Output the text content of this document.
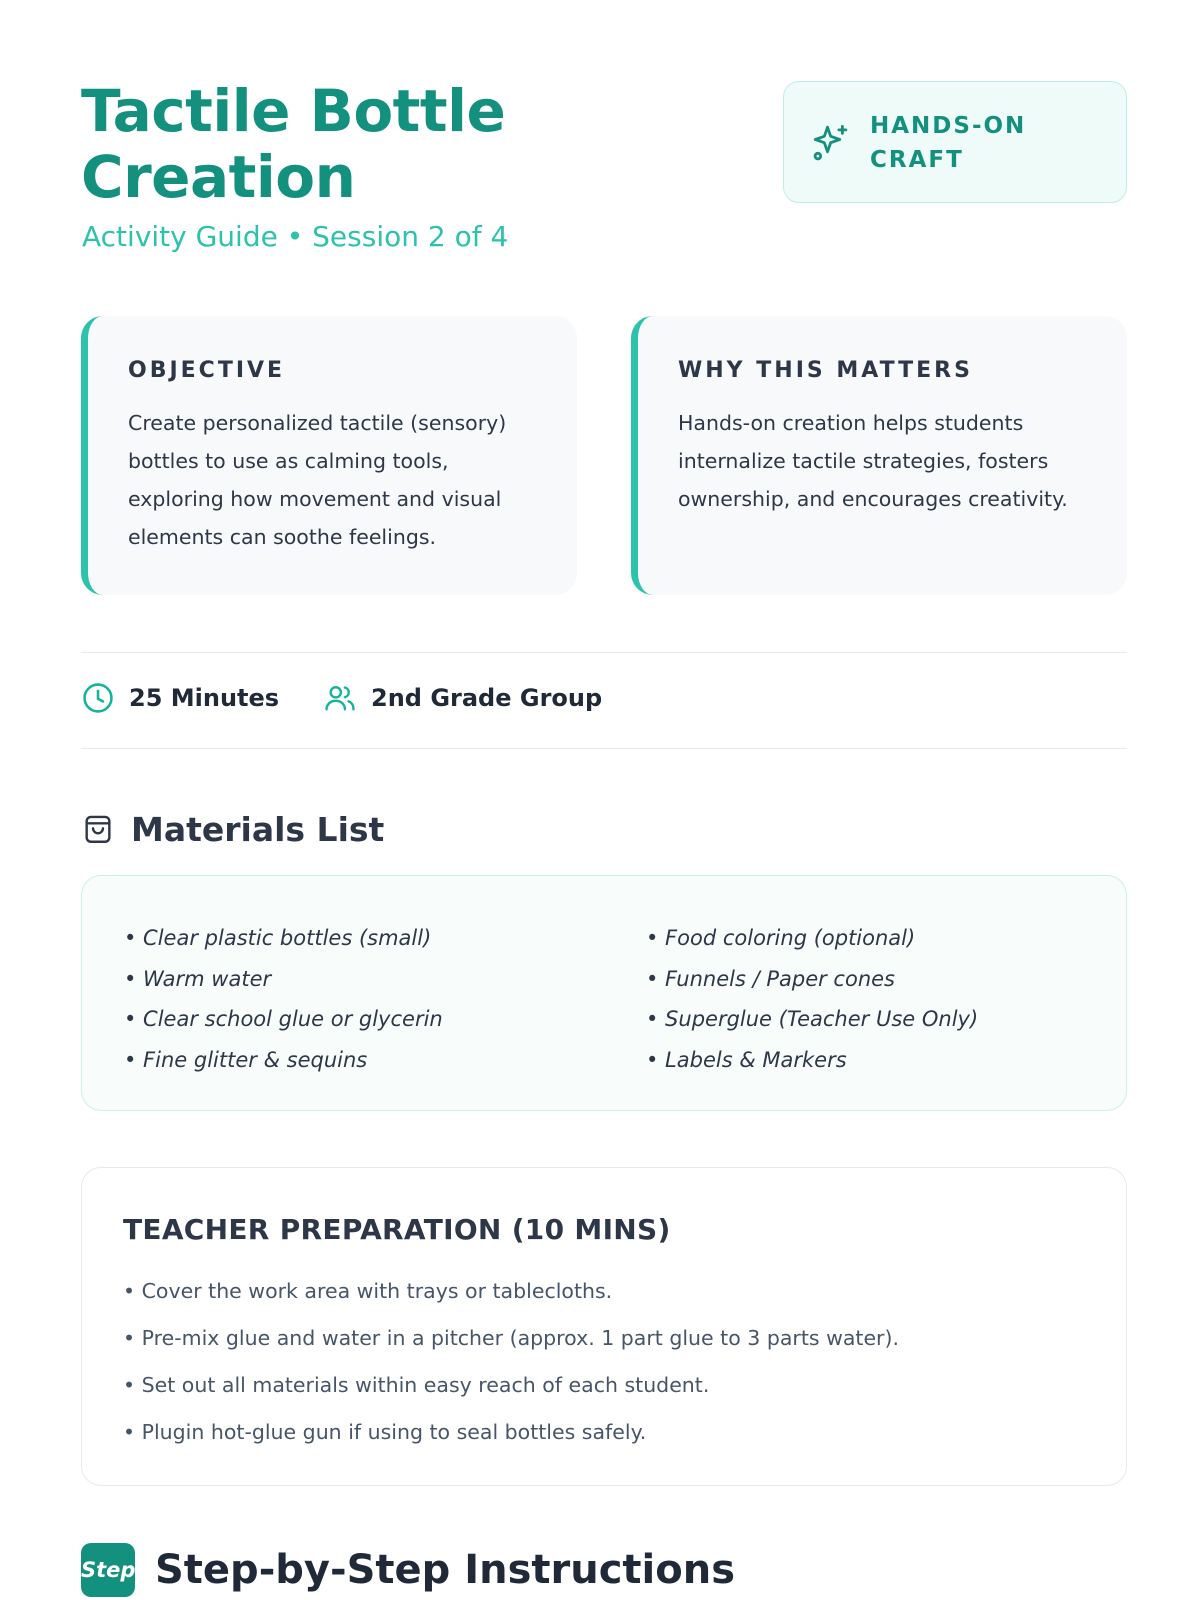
Tactile Bottle Creation
Activity Guide • Session 2 of 4
HANDS-ON CRAFT
OBJECTIVE
Create personalized tactile (sensory) bottles to use as calming tools, exploring how movement and visual elements can soothe feelings.
WHY THIS MATTERS
Hands-on creation helps students internalize tactile strategies, fosters ownership, and encourages creativity.
25 Minutes	2nd Grade Group
Materials List
• Clear plastic bottles (small)
• Warm water
• Clear school glue or glycerin
• Fine glitter & sequins
• Food coloring (optional)
• Funnels / Paper cones
• Superglue (Teacher Use Only)
• Labels & Markers
TEACHER PREPARATION (10 MINS)
• Cover the work area with trays or tablecloths.
• Pre-mix glue and water in a pitcher (approx. 1 part glue to 3 parts water).
• Set out all materials within easy reach of each student.
• Plugin hot-glue gun if using to seal bottles safely.
Steps Step-by-Step Instructions
